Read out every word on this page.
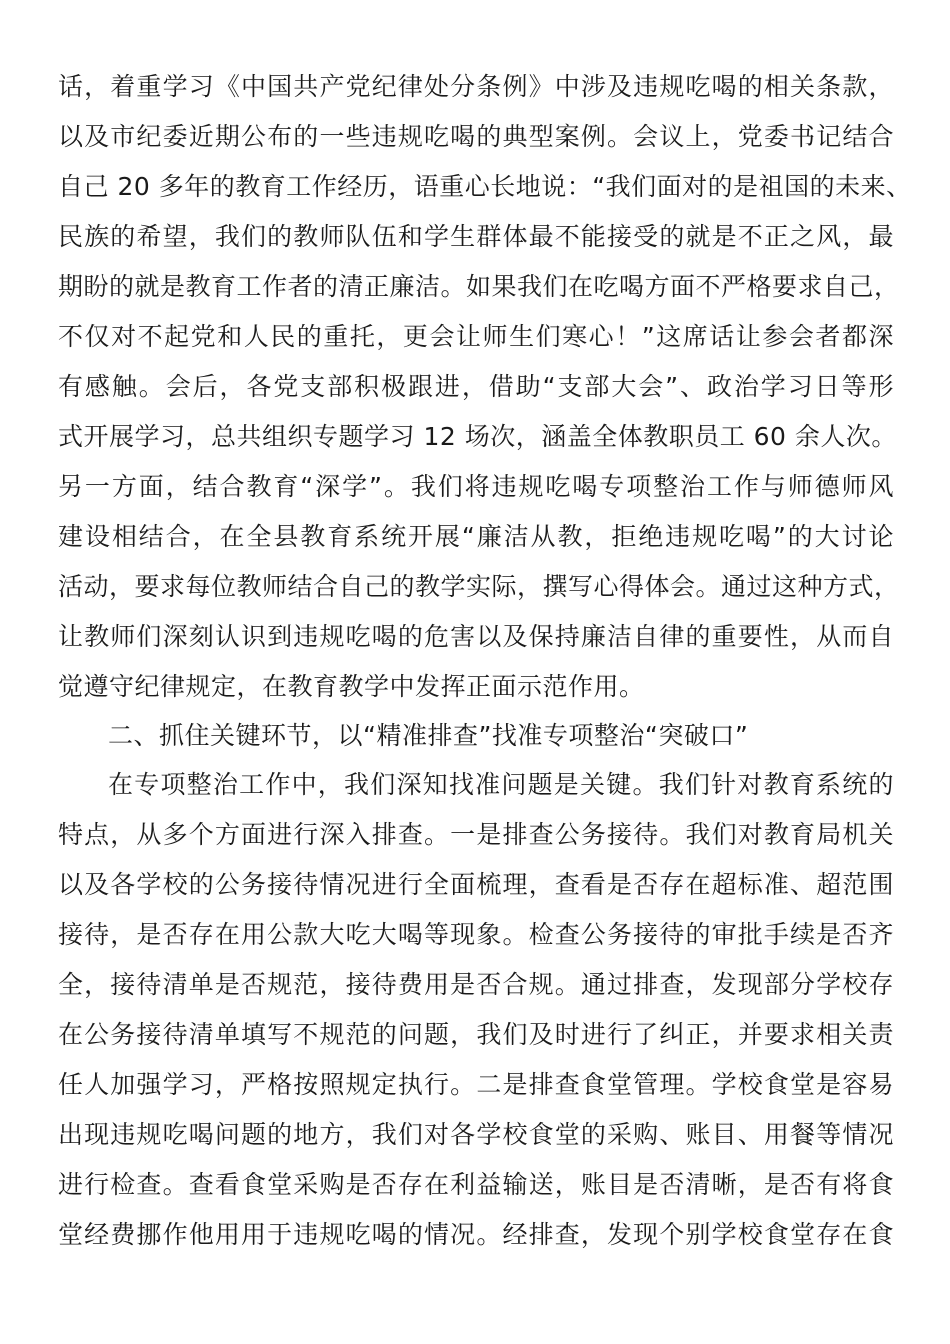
话，着重学习《中国共产党纪律处分条例》中涉及违规吃喝的相关条款，
以及市纪委近期公布的一些违规吃喝的典型案例。会议上，党委书记结合
自己 20 多年的教育工作经历，语重心长地说：“我们面对的是祖国的未来、
民族的希望，我们的教师队伍和学生群体最不能接受的就是不正之风，最
期盼的就是教育工作者的清正廉洁。如果我们在吃喝方面不严格要求自己，
不仅对不起党和人民的重托，更会让师生们寒心！”这席话让参会者都深
有感触。会后，各党支部积极跟进，借助“支部大会”、政治学习日等形
式开展学习，总共组织专题学习 12 场次，涵盖全体教职员工 60 余人次。
另一方面，结合教育“深学”。我们将违规吃喝专项整治工作与师德师风
建设相结合，在全县教育系统开展“廉洁从教，拒绝违规吃喝”的大讨论
活动，要求每位教师结合自己的教学实际，撰写心得体会。通过这种方式，
让教师们深刻认识到违规吃喝的危害以及保持廉洁自律的重要性，从而自
觉遵守纪律规定，在教育教学中发挥正面示范作用。
二、抓住关键环节，以“精准排查”找准专项整治“突破口”
在专项整治工作中，我们深知找准问题是关键。我们针对教育系统的
特点，从多个方面进行深入排查。一是排查公务接待。我们对教育局机关
以及各学校的公务接待情况进行全面梳理，查看是否存在超标准、超范围
接待，是否存在用公款大吃大喝等现象。检查公务接待的审批手续是否齐
全，接待清单是否规范，接待费用是否合规。通过排查，发现部分学校存
在公务接待清单填写不规范的问题，我们及时进行了纠正，并要求相关责
任人加强学习，严格按照规定执行。二是排查食堂管理。学校食堂是容易
出现违规吃喝问题的地方，我们对各学校食堂的采购、账目、用餐等情况
进行检查。查看食堂采购是否存在利益输送，账目是否清晰，是否有将食
堂经费挪作他用用于违规吃喝的情况。经排查，发现个别学校食堂存在食
